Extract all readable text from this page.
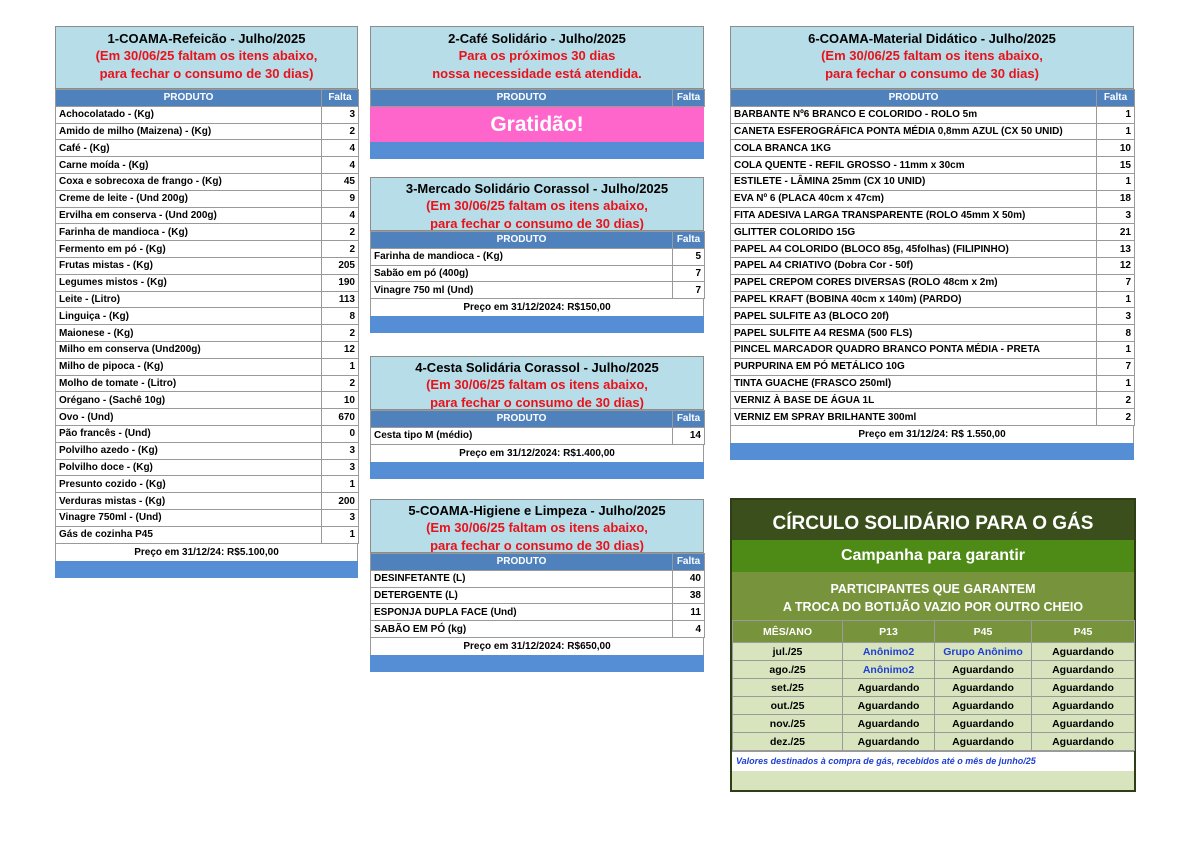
1-COAMA-Refeicão - Julho/2025
(Em 30/06/25 faltam os itens abaixo,
para fechar o consumo de 30 dias)
PRODUTO	Falta
Achocolatado - (Kg)	3
Amido de milho (Maizena) - (Kg)	2
Café - (Kg)	4
Carne moída - (Kg)	4
Coxa e sobrecoxa de frango - (Kg)	45
Creme de leite - (Und 200g)	9
Ervilha em conserva - (Und 200g)	4
Farinha de mandioca - (Kg)	2
Fermento em pó - (Kg)	2
Frutas mistas - (Kg)	205
Legumes mistos - (Kg)	190
Leite - (Litro)	113
Linguiça - (Kg)	8
Maionese - (Kg)	2
Milho em conserva (Und200g)	12
Milho de pipoca - (Kg)	1
Molho de tomate - (Litro)	2
Orégano - (Sachê 10g)	10
Ovo - (Und)	670
Pão francês - (Und)	0
Polvilho azedo - (Kg)	3
Polvilho doce - (Kg)	3
Presunto cozido - (Kg)	1
Verduras mistas - (Kg)	200
Vinagre 750ml - (Und)	3
Gás de cozinha P45	1
Preço em 31/12/24: R$5.100,00
2-Café Solidário - Julho/2025
Para os próximos 30 dias
nossa necessidade está atendida.
PRODUTO	Falta
Gratidão!
3-Mercado Solidário Corassol - Julho/2025
(Em 30/06/25 faltam os itens abaixo,
para fechar o consumo de 30 dias)
PRODUTO	Falta
Farinha de mandioca - (Kg)	5
Sabão em pó (400g)	7
Vinagre 750 ml (Und)	7
Preço em 31/12/2024: R$150,00
4-Cesta Solidária Corassol - Julho/2025
(Em 30/06/25 faltam os itens abaixo,
para fechar o consumo de 30 dias)
PRODUTO	Falta
Cesta tipo M (médio)	14
Preço em 31/12/2024: R$1.400,00
5-COAMA-Higiene e Limpeza - Julho/2025
(Em 30/06/25 faltam os itens abaixo,
para fechar o consumo de 30 dias)
PRODUTO	Falta
DESINFETANTE (L)	40
DETERGENTE (L)	38
ESPONJA DUPLA FACE (Und)	11
SABÃO EM PÓ (kg)	4
Preço em 31/12/2024: R$650,00
6-COAMA-Material Didático - Julho/2025
(Em 30/06/25 faltam os itens abaixo,
para fechar o consumo de 30 dias)
PRODUTO	Falta
BARBANTE Nº6 BRANCO E COLORIDO - ROLO 5m	1
CANETA ESFEROGRÁFICA PONTA MÉDIA 0,8mm AZUL (CX 50 UNID)	1
COLA BRANCA 1KG	10
COLA QUENTE - REFIL GROSSO - 11mm x 30cm	15
ESTILETE - LÂMINA 25mm (CX 10 UNID)	1
EVA Nº 6 (PLACA 40cm x 47cm)	18
FITA ADESIVA LARGA TRANSPARENTE (ROLO 45mm X 50m)	3
GLITTER COLORIDO 15G	21
PAPEL A4 COLORIDO (BLOCO 85g, 45folhas) (FILIPINHO)	13
PAPEL A4 CRIATIVO (Dobra Cor - 50f)	12
PAPEL CREPOM CORES DIVERSAS (ROLO 48cm x 2m)	7
PAPEL KRAFT (BOBINA 40cm x 140m) (PARDO)	1
PAPEL SULFITE A3 (BLOCO 20f)	3
PAPEL SULFITE A4 RESMA (500 FLS)	8
PINCEL MARCADOR QUADRO BRANCO PONTA MÉDIA - PRETA	1
PURPURINA EM PÓ METÁLICO 10G	7
TINTA GUACHE (FRASCO 250ml)	1
VERNIZ À BASE DE ÁGUA 1L	2
VERNIZ EM SPRAY BRILHANTE 300ml	2
Preço em 31/12/24: R$ 1.550,00
CÍRCULO SOLIDÁRIO PARA O GÁS
Campanha para garantir
PARTICIPANTES QUE GARANTEM
A TROCA DO BOTIJÃO VAZIO POR OUTRO CHEIO
MÊS/ANO	P13	P45	P45
jul./25	Anônimo2	Grupo Anônimo	Aguardando
ago./25	Anônimo2	Aguardando	Aguardando
set./25	Aguardando	Aguardando	Aguardando
out./25	Aguardando	Aguardando	Aguardando
nov./25	Aguardando	Aguardando	Aguardando
dez./25	Aguardando	Aguardando	Aguardando
Valores destinados à compra de gás, recebidos até o mês de junho/25
